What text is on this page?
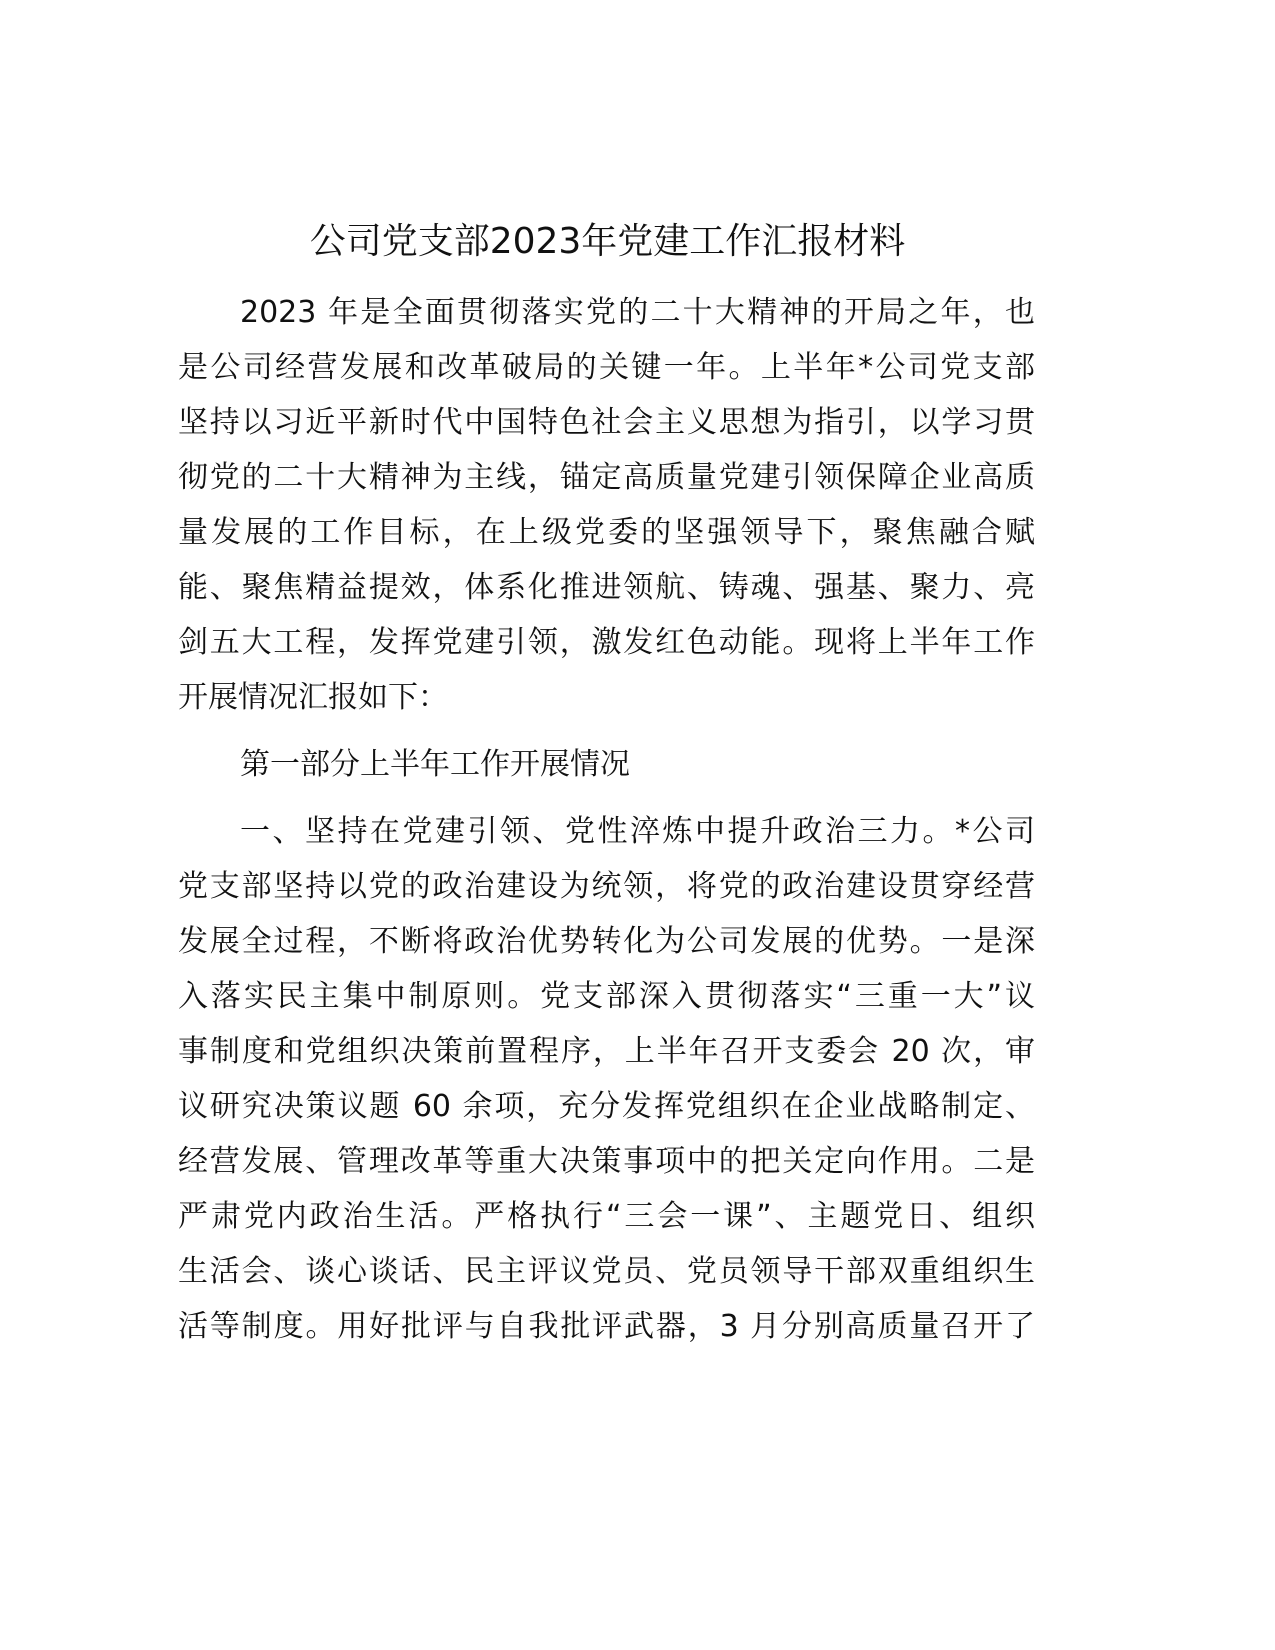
公司党支部2023年党建工作汇报材料
2023 年是全面贯彻落实党的二十大精神的开局之年，也
是公司经营发展和改革破局的关键一年。上半年*公司党支部
坚持以习近平新时代中国特色社会主义思想为指引，以学习贯
彻党的二十大精神为主线，锚定高质量党建引领保障企业高质
量发展的工作目标，在上级党委的坚强领导下，聚焦融合赋
能、聚焦精益提效，体系化推进领航、铸魂、强基、聚力、亮
剑五大工程，发挥党建引领，激发红色动能。现将上半年工作
开展情况汇报如下：
第一部分上半年工作开展情况
一、坚持在党建引领、党性淬炼中提升政治三力。*公司
党支部坚持以党的政治建设为统领，将党的政治建设贯穿经营
发展全过程，不断将政治优势转化为公司发展的优势。一是深
入落实民主集中制原则。党支部深入贯彻落实“三重一大”议
事制度和党组织决策前置程序，上半年召开支委会 20 次，审
议研究决策议题 60 余项，充分发挥党组织在企业战略制定、
经营发展、管理改革等重大决策事项中的把关定向作用。二是
严肃党内政治生活。严格执行“三会一课”、主题党日、组织
生活会、谈心谈话、民主评议党员、党员领导干部双重组织生
活等制度。用好批评与自我批评武器，3 月分别高质量召开了
